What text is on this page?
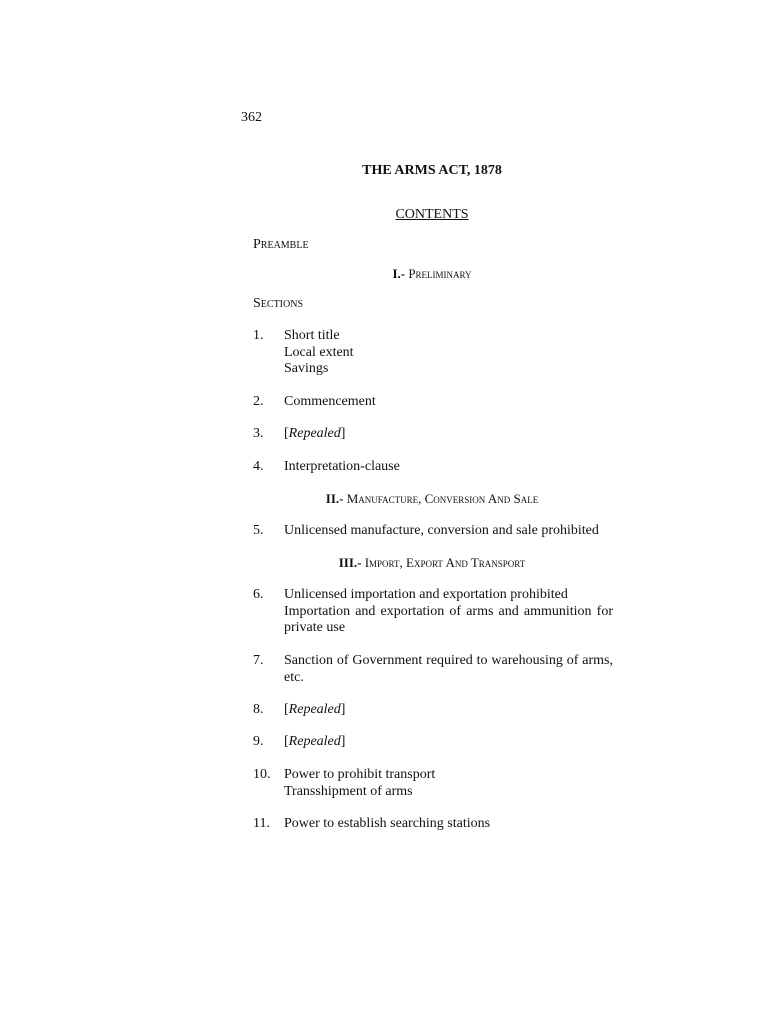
362
THE ARMS ACT, 1878
CONTENTS
Preamble
I.- Preliminary
Sections
1. Short title
Local extent
Savings
2. Commencement
3. [Repealed]
4. Interpretation-clause
II.- Manufacture, Conversion And Sale
5. Unlicensed manufacture, conversion and sale prohibited
III.- Import, Export And Transport
6. Unlicensed importation and exportation prohibited
Importation and exportation of arms and ammunition for private use
7. Sanction of Government required to warehousing of arms, etc.
8. [Repealed]
9. [Repealed]
10. Power to prohibit transport
Transshipment of arms
11. Power to establish searching stations
